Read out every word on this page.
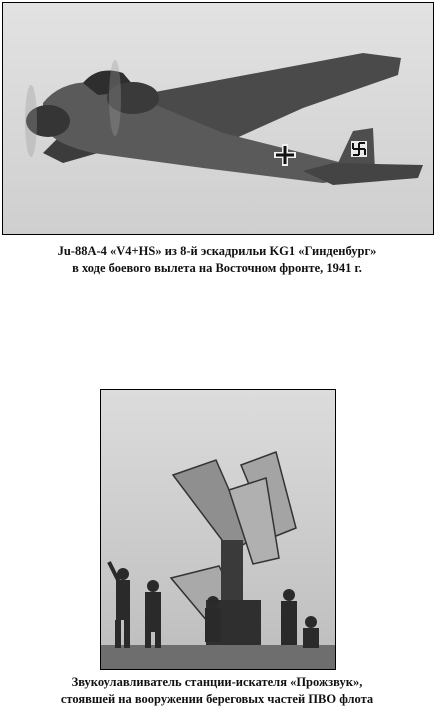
Ju-88A-4 «V4+HS» из 8-й эскадрильи KG1 «Гинденбург»
в ходе боевого вылета на Восточном фронте, 1941 г.
Звукоулавливатель станции-искателя «Прожзвук»,
стоявшей на вооружении береговых частей ПВО флота
